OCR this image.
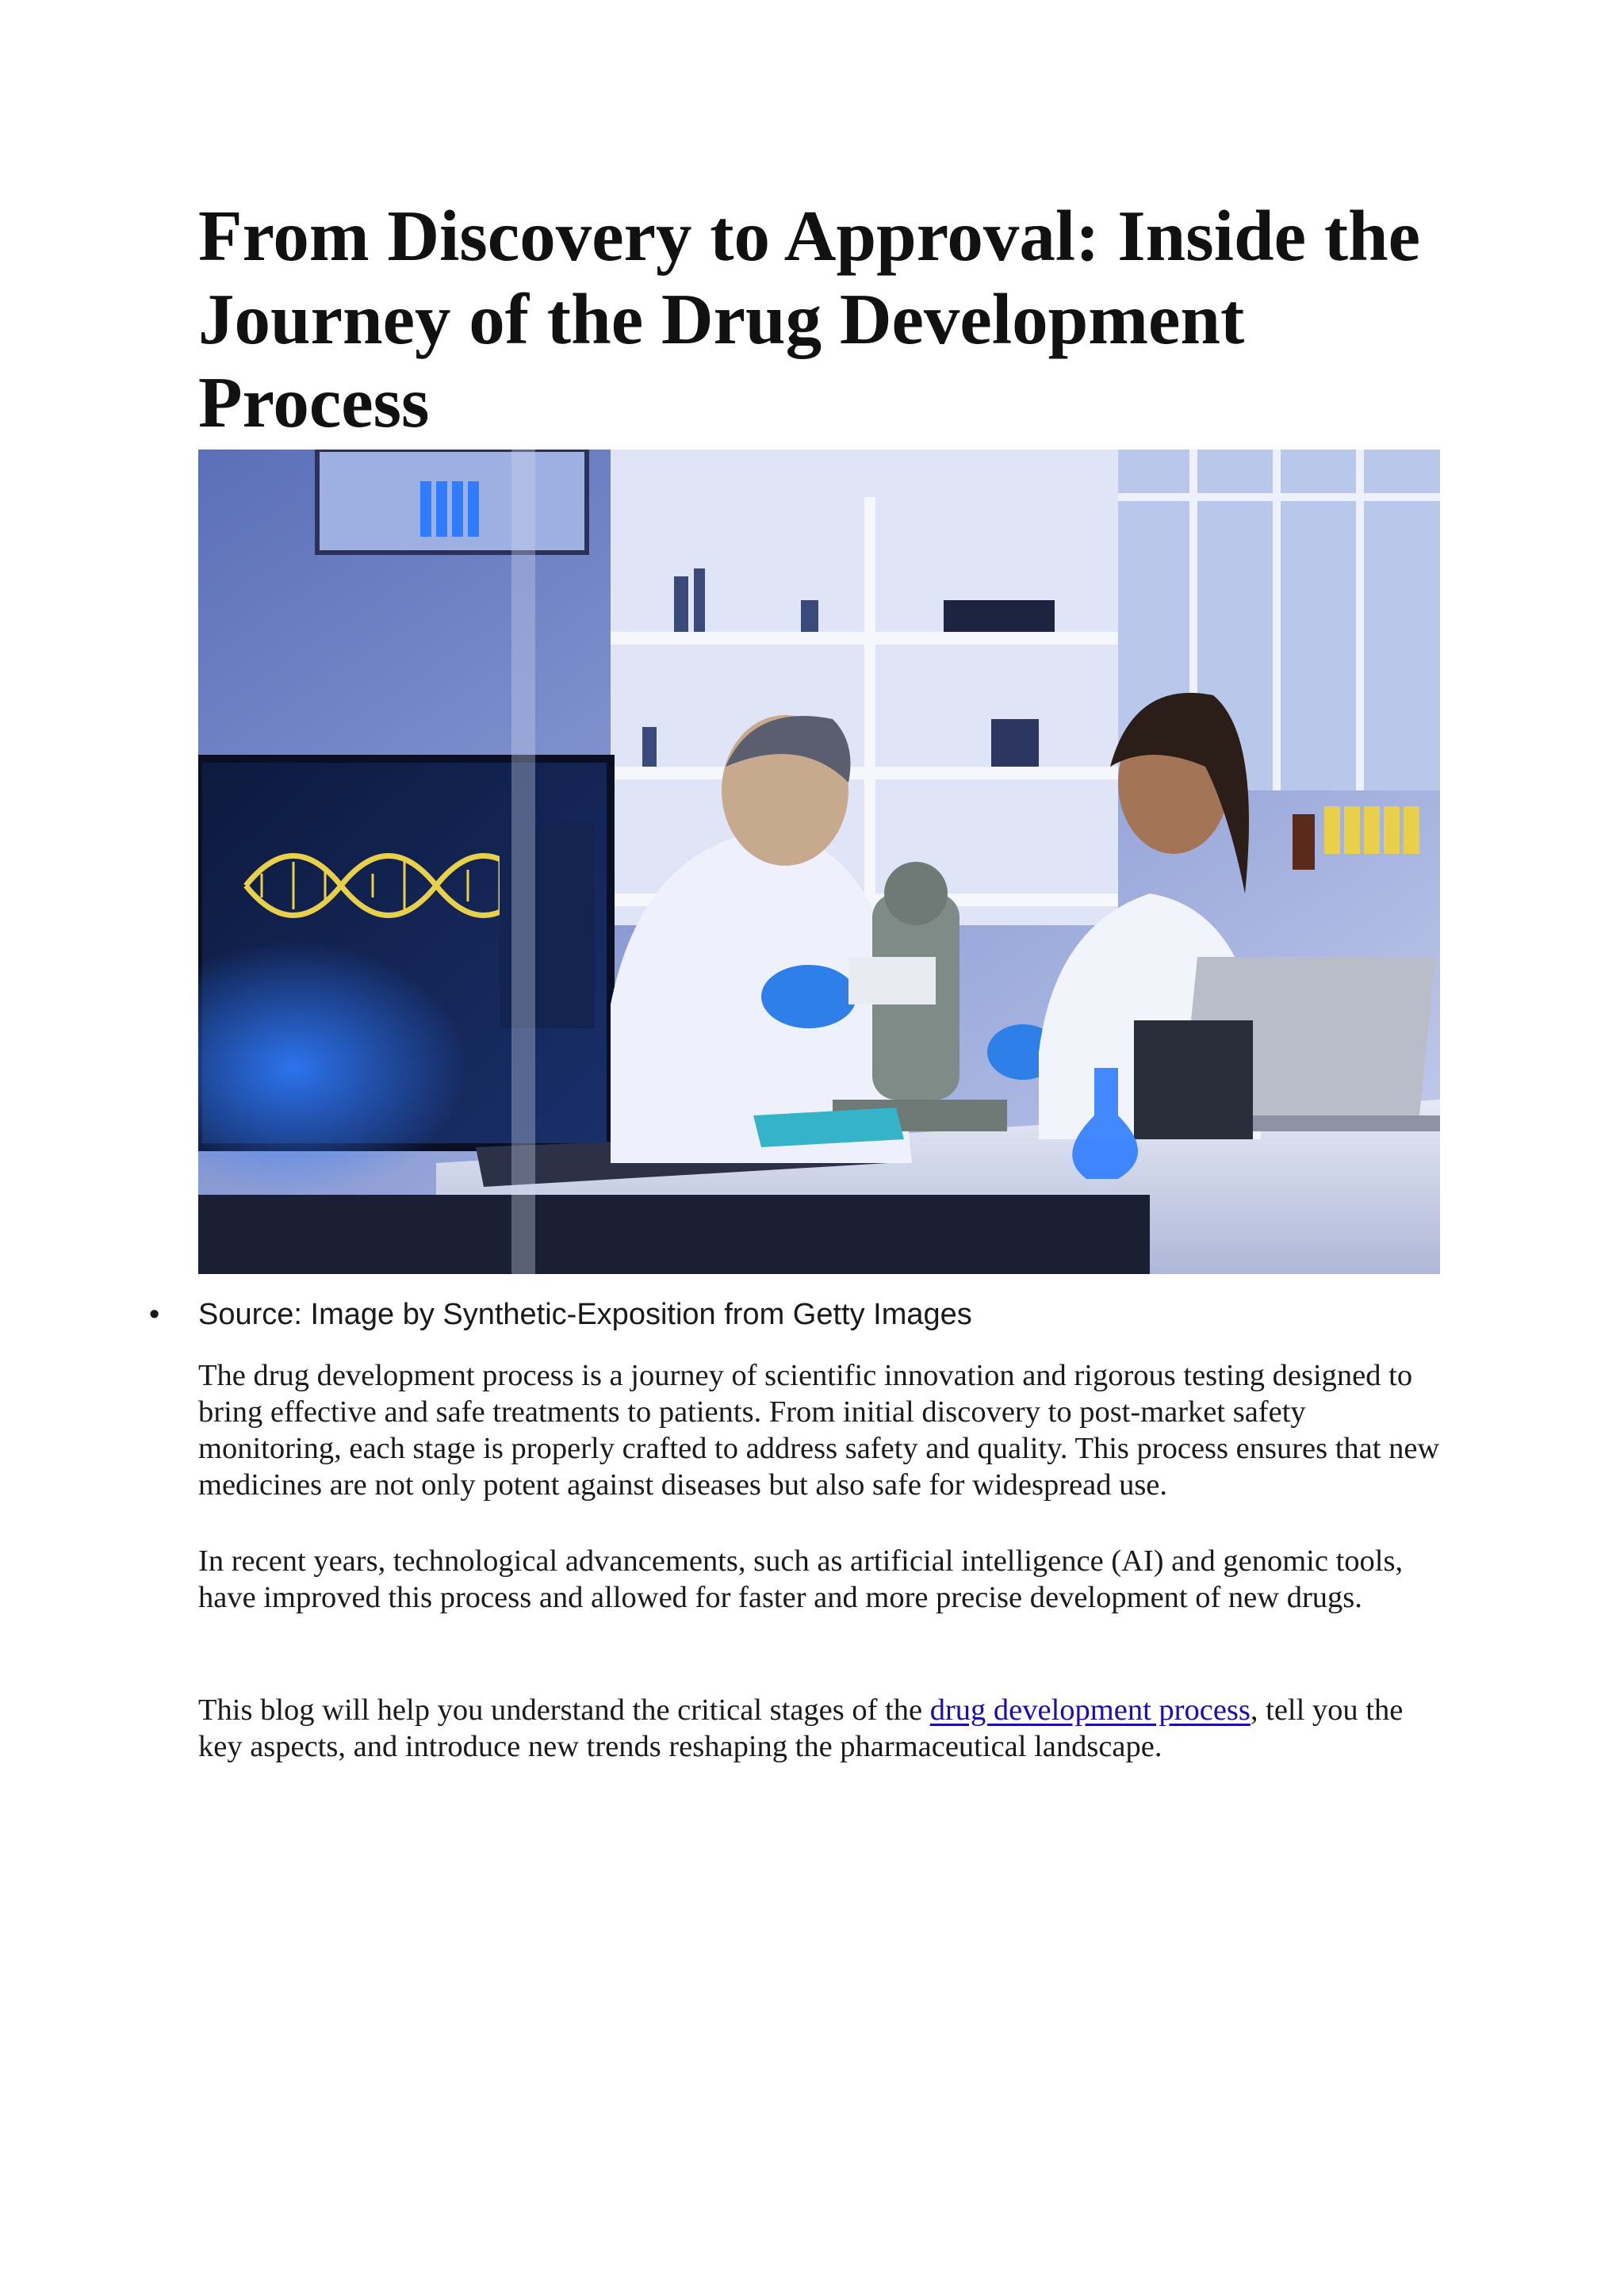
From Discovery to Approval: Inside the Journey of the Drug Development Process
• Source: Image by Synthetic-Exposition from Getty Images

The drug development process is a journey of scientific innovation and rigorous testing designed to bring effective and safe treatments to patients. From initial discovery to post-market safety monitoring, each stage is properly crafted to address safety and quality. This process ensures that new medicines are not only potent against diseases but also safe for widespread use.

In recent years, technological advancements, such as artificial intelligence (AI) and genomic tools, have improved this process and allowed for faster and more precise development of new drugs.

This blog will help you understand the critical stages of the drug development process, tell you the key aspects, and introduce new trends reshaping the pharmaceutical landscape.
